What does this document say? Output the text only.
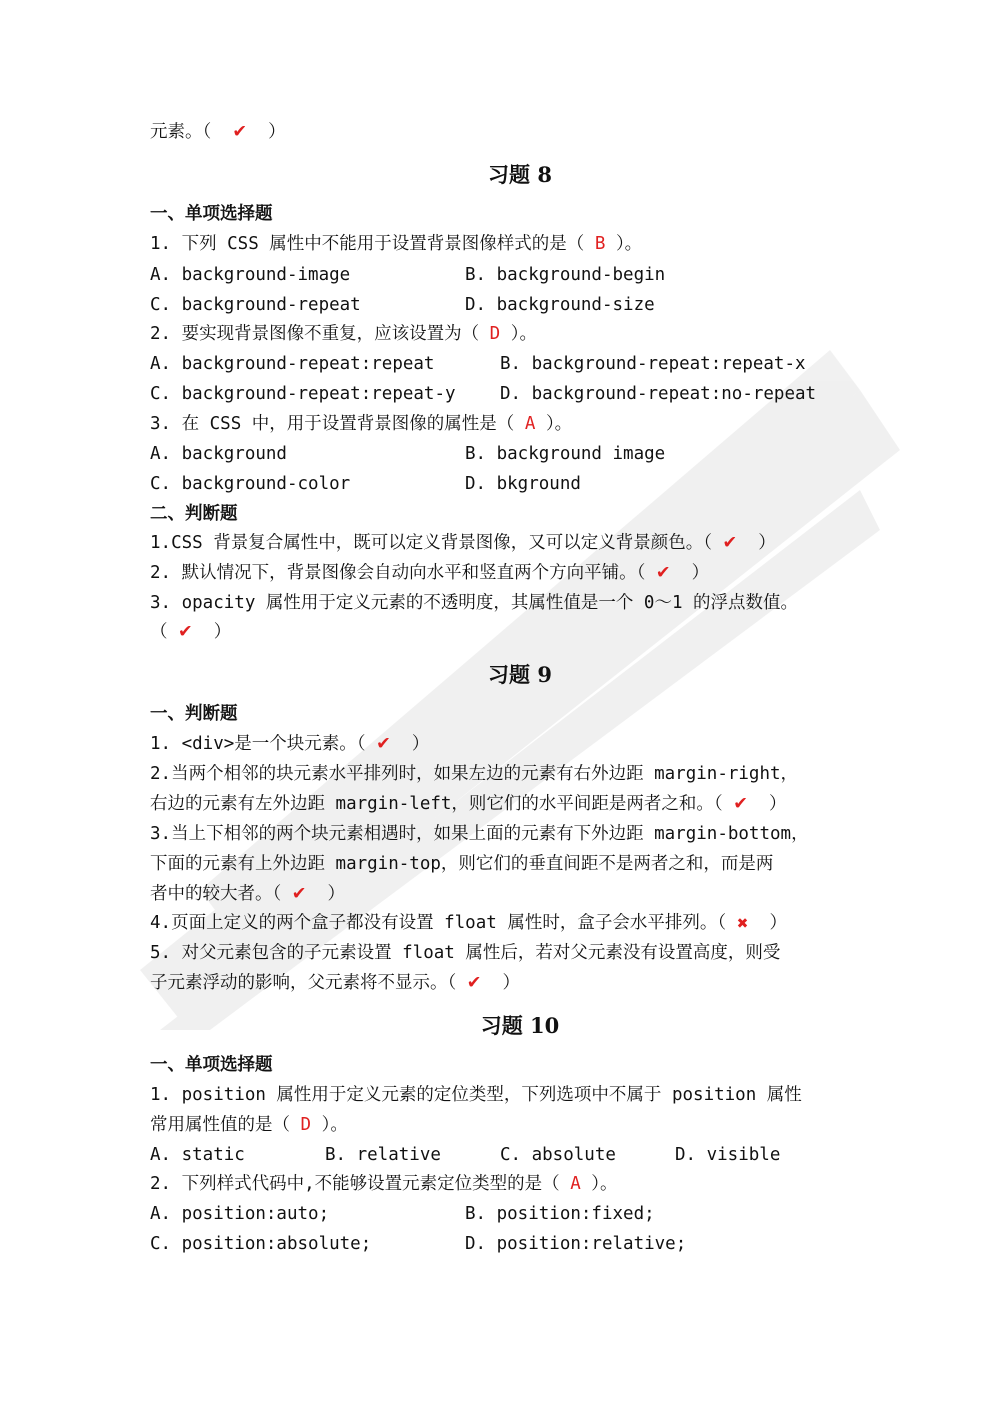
元素。（ ✔ ）
习题 8
一、单项选择题
1. 下列 CSS 属性中不能用于设置背景图像样式的是（ B ）。
A. background-image	B. background-begin
C. background-repeat	D. background-size
2. 要实现背景图像不重复，应该设置为（ D ）。
A. background-repeat:repeat	B. background-repeat:repeat-x
C. background-repeat:repeat-y	D. background-repeat:no-repeat
3. 在 CSS 中，用于设置背景图像的属性是（ A ）。
A. background	B. background image
C. background-color	D. bkground
二、判断题
1.CSS 背景复合属性中，既可以定义背景图像，又可以定义背景颜色。（ ✔ ）
2. 默认情况下，背景图像会自动向水平和竖直两个方向平铺。（ ✔ ）
3. opacity 属性用于定义元素的不透明度，其属性值是一个 0～1 的浮点数值。
（ ✔ ）
习题 9
一、判断题
1. <div>是一个块元素。（ ✔ ）
2.当两个相邻的块元素水平排列时，如果左边的元素有右外边距 margin-right，
右边的元素有左外边距 margin-left，则它们的水平间距是两者之和。（ ✔ ）
3.当上下相邻的两个块元素相遇时，如果上面的元素有下外边距 margin-bottom，
下面的元素有上外边距 margin-top，则它们的垂直间距不是两者之和，而是两
者中的较大者。（ ✔ ）
4.页面上定义的两个盒子都没有设置 float 属性时，盒子会水平排列。（ ✖ ）
5. 对父元素包含的子元素设置 float 属性后，若对父元素没有设置高度，则受
子元素浮动的影响，父元素将不显示。（ ✔ ）
习题 10
一、单项选择题
1. position 属性用于定义元素的定位类型，下列选项中不属于 position 属性
常用属性值的是（ D ）。
A. static	B. relative	C. absolute	D. visible
2. 下列样式代码中,不能够设置元素定位类型的是（ A ）。
A. position:auto;	B. position:fixed;
C. position:absolute;	D. position:relative;
